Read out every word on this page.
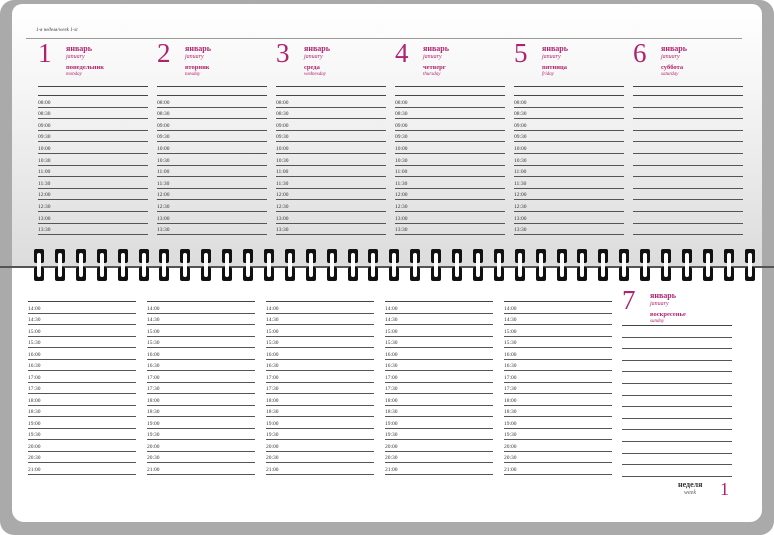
1-я неделя/week 1-st
1 январь
january
понедельник
monday
08:00
08:30
09:00
09:30
10:00
10:30
11:00
11:30
12:00
12:30
13:00
13:30
2 январь
january
вторник
tuesday
08:00
08:30
09:00
09:30
10:00
10:30
11:00
11:30
12:00
12:30
13:00
13:30
3 январь
january
среда
wednesday
08:00
08:30
09:00
09:30
10:00
10:30
11:00
11:30
12:00
12:30
13:00
13:30
4 январь
january
четверг
thursday
08:00
08:30
09:00
09:30
10:00
10:30
11:00
11:30
12:00
12:30
13:00
13:30
5 январь
january
пятница
friday
08:00
08:30
09:00
09:30
10:00
10:30
11:00
11:30
12:00
12:30
13:00
13:30
6 январь
january
суббота
saturday
14:00
14:30
15:00
15:30
16:00
16:30
17:00
17:30
18:00
18:30
19:00
19:30
20:00
20:30
21:00
14:00
14:30
15:00
15:30
16:00
16:30
17:00
17:30
18:00
18:30
19:00
19:30
20:00
20:30
21:00
14:00
14:30
15:00
15:30
16:00
16:30
17:00
17:30
18:00
18:30
19:00
19:30
20:00
20:30
21:00
14:00
14:30
15:00
15:30
16:00
16:30
17:00
17:30
18:00
18:30
19:00
19:30
20:00
20:30
21:00
14:00
14:30
15:00
15:30
16:00
16:30
17:00
17:30
18:00
18:30
19:00
19:30
20:00
20:30
21:00
7 январь
january
воскресенье
sunday
неделя
week 1
